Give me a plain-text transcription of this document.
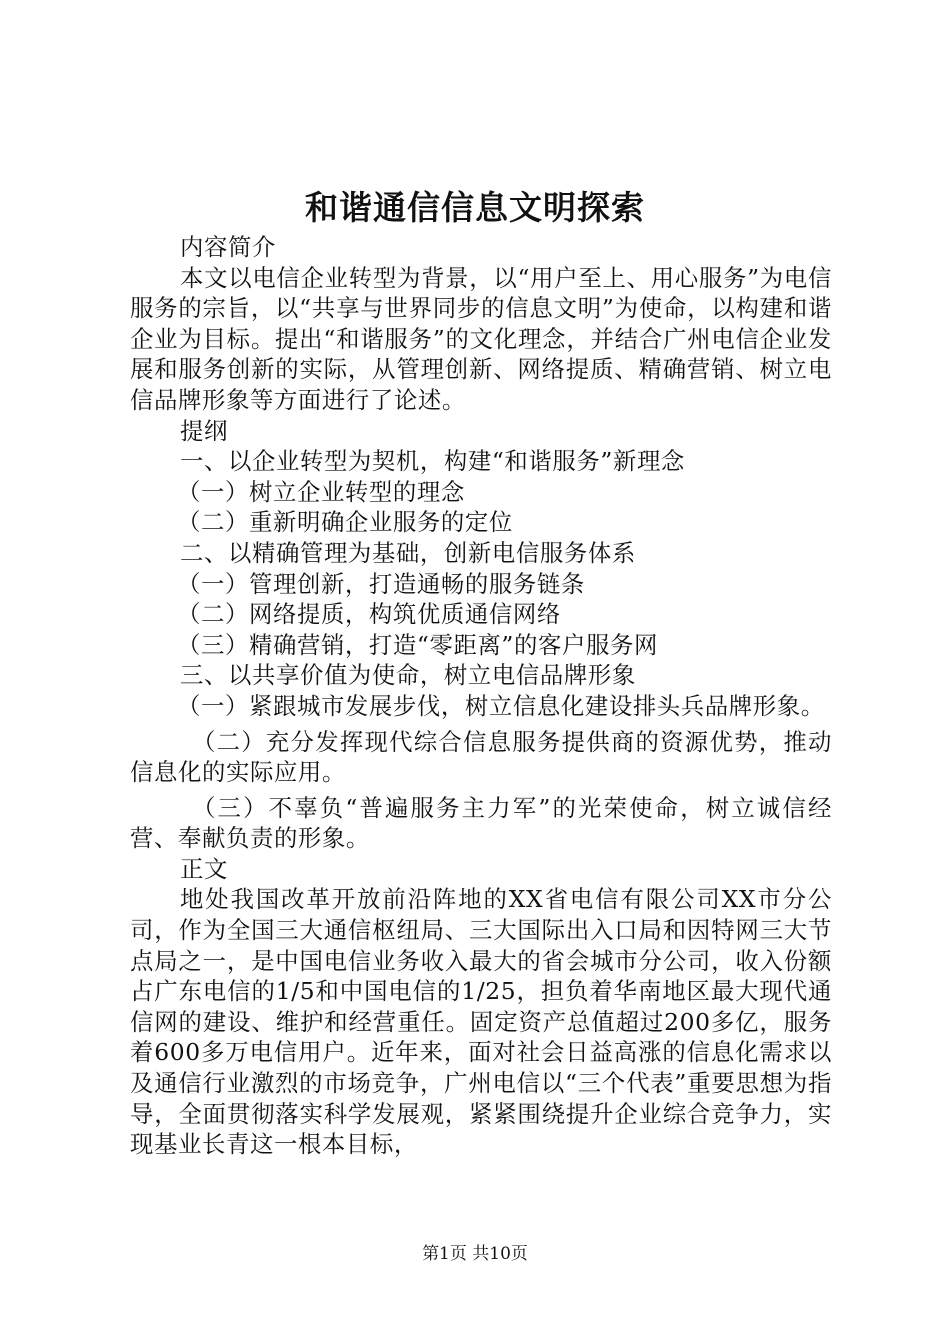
和谐通信信息文明探索

内容简介

本文以电信企业转型为背景，以“用户至上、用心服务”为电信服务的宗旨，以“共享与世界同步的信息文明”为使命，以构建和谐企业为目标。提出“和谐服务”的文化理念，并结合广州电信企业发展和服务创新的实际，从管理创新、网络提质、精确营销、树立电信品牌形象等方面进行了论述。

提纲

一、以企业转型为契机，构建“和谐服务”新理念

（一）树立企业转型的理念

（二）重新明确企业服务的定位

二、以精确管理为基础，创新电信服务体系

（一）管理创新，打造通畅的服务链条

（二）网络提质，构筑优质通信网络

（三）精确营销，打造“零距离”的客户服务网

三、以共享价值为使命，树立电信品牌形象

（一）紧跟城市发展步伐，树立信息化建设排头兵品牌形象。

（二）充分发挥现代综合信息服务提供商的资源优势，推动信息化的实际应用。

（三）不辜负“普遍服务主力军”的光荣使命，树立诚信经营、奉献负责的形象。

正文

地处我国改革开放前沿阵地的XX省电信有限公司XX市分公司，作为全国三大通信枢纽局、三大国际出入口局和因特网三大节点局之一，是中国电信业务收入最大的省会城市分公司，收入份额占广东电信的1/5和中国电信的1/25，担负着华南地区最大现代通信网的建设、维护和经营重任。固定资产总值超过200多亿，服务着600多万电信用户。近年来，面对社会日益高涨的信息化需求以及通信行业激烈的市场竞争，广州电信以“三个代表”重要思想为指导，全面贯彻落实科学发展观，紧紧围绕提升企业综合竞争力，实现基业长青这一根本目标，

第1页 共10页
